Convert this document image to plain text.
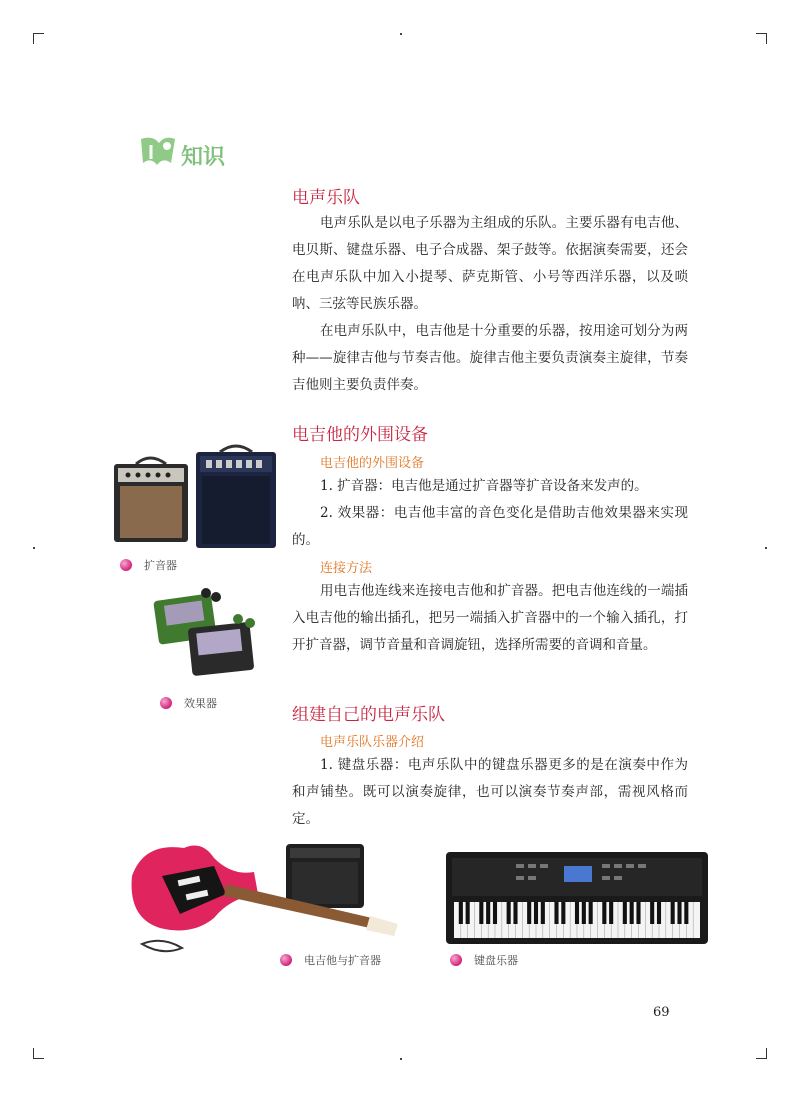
知识
电声乐队

电声乐队是以电子乐器为主组成的乐队。主要乐器有电吉他、电贝斯、键盘乐器、电子合成器、架子鼓等。依据演奏需要，还会在电声乐队中加入小提琴、萨克斯管、小号等西洋乐器，以及唢呐、三弦等民族乐器。

在电声乐队中，电吉他是十分重要的乐器，按用途可划分为两种——旋律吉他与节奏吉他。旋律吉他主要负责演奏主旋律，节奏吉他则主要负责伴奏。

电吉他的外围设备
电吉他的外围设备

1. 扩音器：电吉他是通过扩音器等扩音设备来发声的。

2. 效果器：电吉他丰富的音色变化是借助吉他效果器来实现的。

连接方法

用电吉他连线来连接电吉他和扩音器。把电吉他连线的一端插入电吉他的输出插孔，把另一端插入扩音器中的一个输入插孔，打开扩音器，调节音量和音调旋钮，选择所需要的音调和音量。

组建自己的电声乐队
电声乐队乐器介绍

1. 键盘乐器：电声乐队中的键盘乐器更多的是在演奏中作为和声铺垫。既可以演奏旋律，也可以演奏节奏声部，需视风格而定。

扩音器
效果器
电吉他与扩音器	键盘乐器
69
